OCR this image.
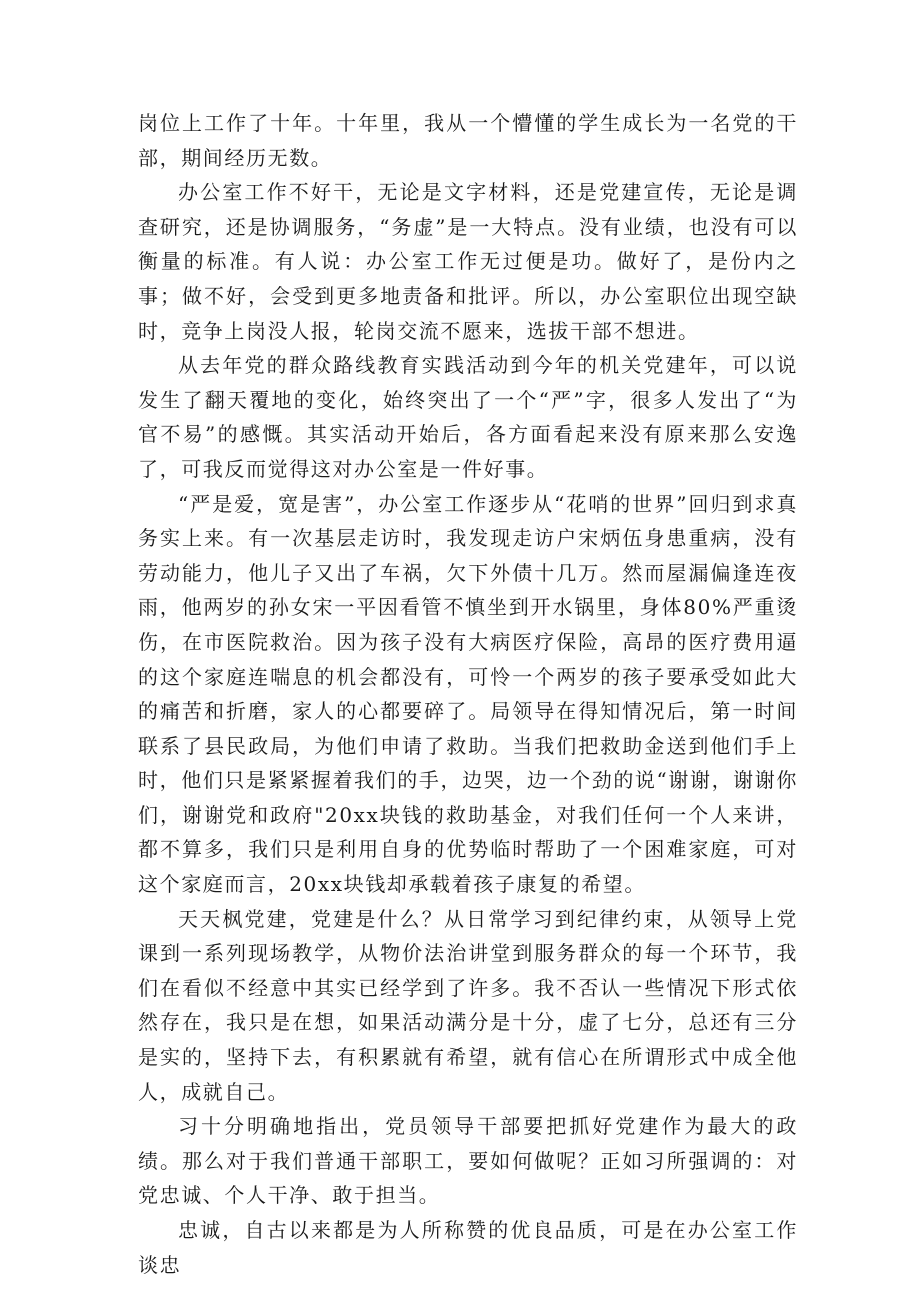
岗位上工作了十年。十年里，我从一个懵懂的学生成长为一名党的干部，期间经历无数。

办公室工作不好干，无论是文字材料，还是党建宣传，无论是调查研究，还是协调服务，“务虚”是一大特点。没有业绩，也没有可以衡量的标准。有人说：办公室工作无过便是功。做好了，是份内之事；做不好，会受到更多地责备和批评。所以，办公室职位出现空缺时，竞争上岗没人报，轮岗交流不愿来，选拔干部不想进。

从去年党的群众路线教育实践活动到今年的机关党建年，可以说发生了翻天覆地的变化，始终突出了一个“严”字，很多人发出了“为官不易”的感慨。其实活动开始后，各方面看起来没有原来那么安逸了，可我反而觉得这对办公室是一件好事。

“严是爱，宽是害”，办公室工作逐步从“花哨的世界”回归到求真务实上来。有一次基层走访时，我发现走访户宋炳伍身患重病，没有劳动能力，他儿子又出了车祸，欠下外债十几万。然而屋漏偏逢连夜雨，他两岁的孙女宋一平因看管不慎坐到开水锅里，身体80%严重烫伤，在市医院救治。因为孩子没有大病医疗保险，高昂的医疗费用逼的这个家庭连喘息的机会都没有，可怜一个两岁的孩子要承受如此大的痛苦和折磨，家人的心都要碎了。局领导在得知情况后，第一时间联系了县民政局，为他们申请了救助。当我们把救助金送到他们手上时，他们只是紧紧握着我们的手，边哭，边一个劲的说“谢谢，谢谢你们，谢谢党和政府"20xx块钱的救助基金，对我们任何一个人来讲，都不算多，我们只是利用自身的优势临时帮助了一个困难家庭，可对这个家庭而言，20xx块钱却承载着孩子康复的希望。

天天枫党建，党建是什么？从日常学习到纪律约束，从领导上党课到一系列现场教学，从物价法治讲堂到服务群众的每一个环节，我们在看似不经意中其实已经学到了许多。我不否认一些情况下形式依然存在，我只是在想，如果活动满分是十分，虚了七分，总还有三分是实的，坚持下去，有积累就有希望，就有信心在所谓形式中成全他人，成就自己。

习十分明确地指出，党员领导干部要把抓好党建作为最大的政绩。那么对于我们普通干部职工，要如何做呢？正如习所强调的：对党忠诚、个人干净、敢于担当。

忠诚，自古以来都是为人所称赞的优良品质，可是在办公室工作谈忠
